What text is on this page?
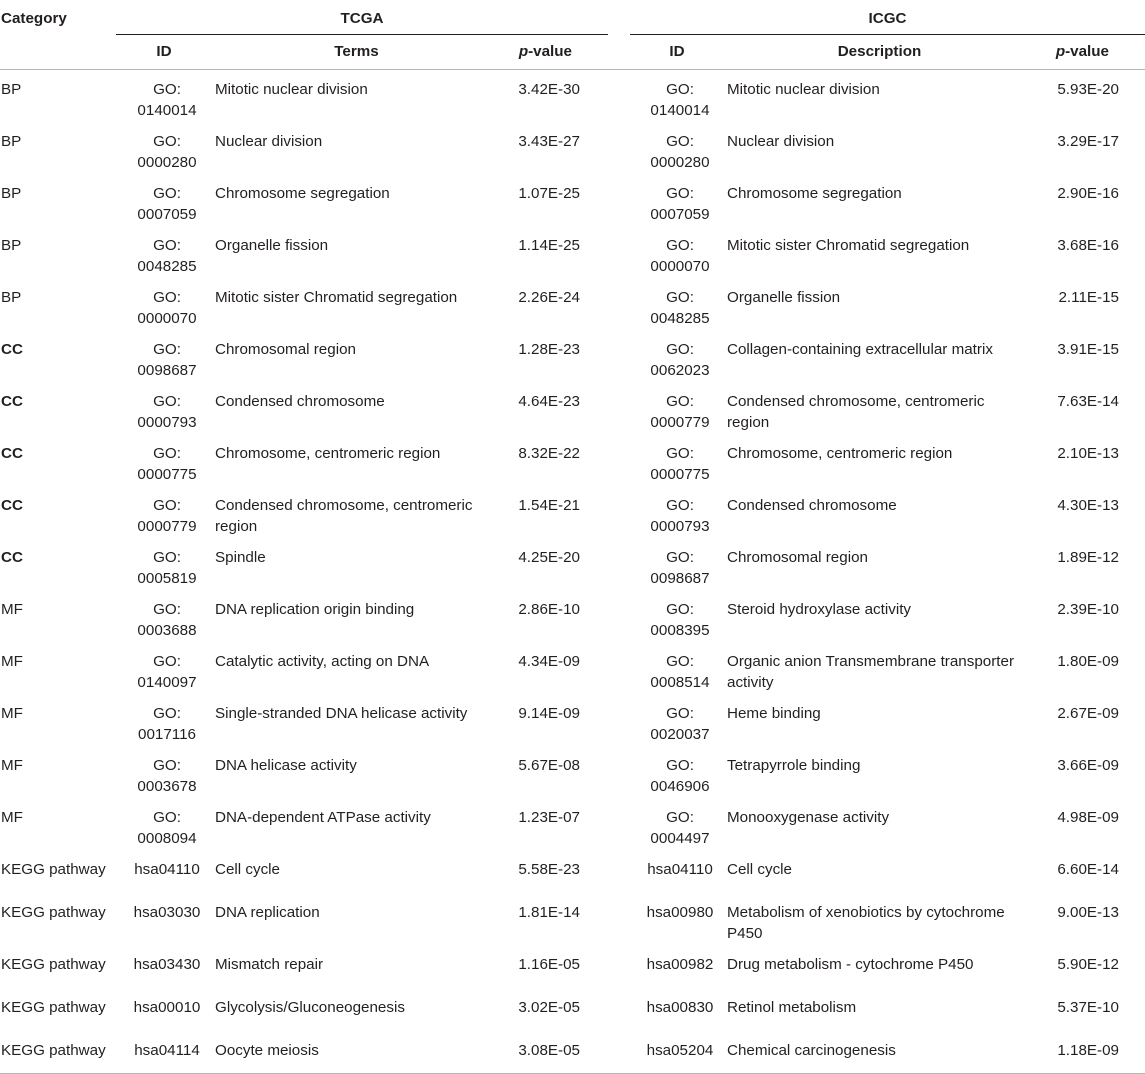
Category	TCGA				ICGC		
	ID	Terms	p-value		ID	Description	p-value
BP	GO: 0140014	Mitotic nuclear division	3.42E-30		GO: 0140014	Mitotic nuclear division	5.93E-20
BP	GO: 0000280	Nuclear division	3.43E-27		GO: 0000280	Nuclear division	3.29E-17
BP	GO: 0007059	Chromosome segregation	1.07E-25		GO: 0007059	Chromosome segregation	2.90E-16
BP	GO: 0048285	Organelle fission	1.14E-25		GO: 0000070	Mitotic sister Chromatid segregation	3.68E-16
BP	GO: 0000070	Mitotic sister Chromatid segregation	2.26E-24		GO: 0048285	Organelle fission	2.11E-15
CC	GO: 0098687	Chromosomal region	1.28E-23		GO: 0062023	Collagen-containing extracellular matrix	3.91E-15
CC	GO: 0000793	Condensed chromosome	4.64E-23		GO: 0000779	Condensed chromosome, centromeric region	7.63E-14
CC	GO: 0000775	Chromosome, centromeric region	8.32E-22		GO: 0000775	Chromosome, centromeric region	2.10E-13
CC	GO: 0000779	Condensed chromosome, centromeric region	1.54E-21		GO: 0000793	Condensed chromosome	4.30E-13
CC	GO: 0005819	Spindle	4.25E-20		GO: 0098687	Chromosomal region	1.89E-12
MF	GO: 0003688	DNA replication origin binding	2.86E-10		GO: 0008395	Steroid hydroxylase activity	2.39E-10
MF	GO: 0140097	Catalytic activity, acting on DNA	4.34E-09		GO: 0008514	Organic anion Transmembrane transporter activity	1.80E-09
MF	GO: 0017116	Single-stranded DNA helicase activity	9.14E-09		GO: 0020037	Heme binding	2.67E-09
MF	GO: 0003678	DNA helicase activity	5.67E-08		GO: 0046906	Tetrapyrrole binding	3.66E-09
MF	GO: 0008094	DNA-dependent ATPase activity	1.23E-07		GO: 0004497	Monooxygenase activity	4.98E-09
KEGG pathway	hsa04110	Cell cycle	5.58E-23		hsa04110	Cell cycle	6.60E-14
KEGG pathway	hsa03030	DNA replication	1.81E-14		hsa00980	Metabolism of xenobiotics by cytochrome P450	9.00E-13
KEGG pathway	hsa03430	Mismatch repair	1.16E-05		hsa00982	Drug metabolism - cytochrome P450	5.90E-12
KEGG pathway	hsa00010	Glycolysis/Gluconeogenesis	3.02E-05		hsa00830	Retinol metabolism	5.37E-10
KEGG pathway	hsa04114	Oocyte meiosis	3.08E-05		hsa05204	Chemical carcinogenesis	1.18E-09
